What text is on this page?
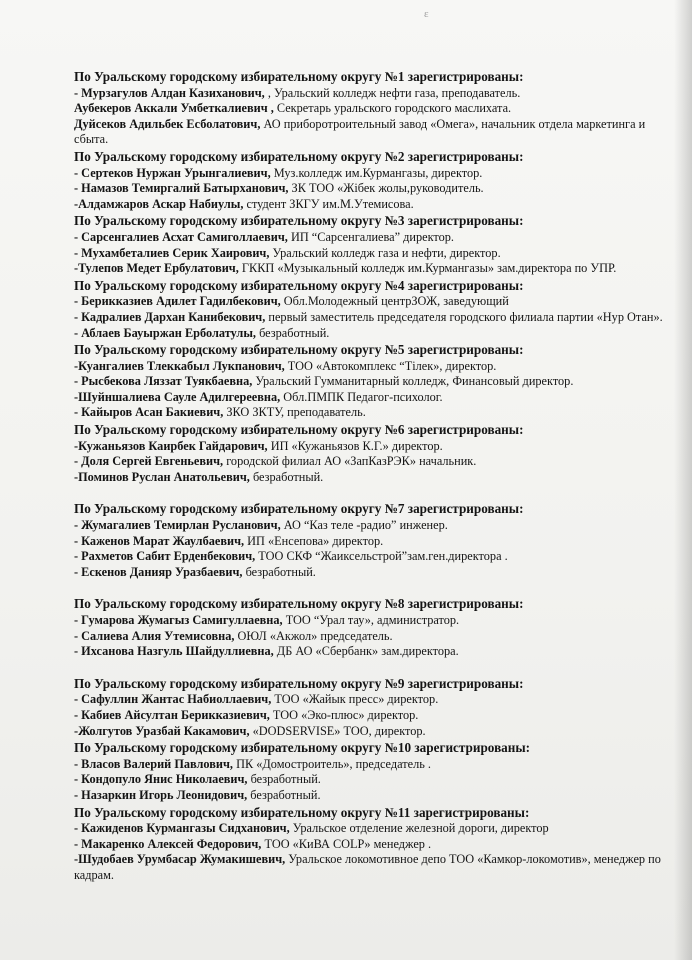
ε
По Уральскому городскому избирательному округу №1 зарегистрированы:
- Мурзагулов Алдан Казиханович, , Уральский колледж нефти газа, преподаватель.
Аубекеров Аккали Умбеткалиевич , Секретарь уральского городского маслихата.
Дуйсеков Адильбек Есболатович, АО приборотроительный завод «Омега», начальник отдела маркетинга и сбыта.
По Уральскому городскому избирательному округу №2 зарегистрированы:
- Сертеков Нуржан Урынгалиевич, Муз.колледж им.Курмангазы, директор.
- Намазов Темиргалий Батырханович, ЗК ТОО «Жібек жолы,руководитель.
-Алдамжаров Аскар Набиулы, студент ЗКГУ им.М.Утемисова.
По Уральскому городскому избирательному округу №3 зарегистрированы:
- Сарсенгалиев Асхат Самиголлаевич, ИП “Сарсенгалиева” директор.
- Мухамбеталиев Серик Хаирович, Уральский колледж газа и нефти, директор.
-Тулепов Медет Ербулатович, ГККП «Музыкальный колледж им.Курмангазы» зам.директора по УПР.
По Уральскому городскому избирательному округу №4 зарегистрированы:
- Берикказиев Адилет Гадилбекович, Обл.Молодежный центрЗОЖ, заведующий
- Кадралиев Дархан Канибекович, первый заместитель председателя городского филиала партии «Нур Отан».
- Аблаев Бауыржан Ерболатулы, безработный.
По Уральскому городскому избирательному округу №5 зарегистрированы:
-Куангалиев Тлеккабыл Лукпанович, ТОО «Автокомплекс “Тілек», директор.
- Рысбекова Ляззат Туякбаевна, Уральский Гумманитарный колледж, Финансовый директор.
-Шуйншалиева Сауле Адилгереевна, Обл.ПМПК Педагог-психолог.
- Кайыров Асан Бакиевич, ЗКО ЗКТУ, преподаватель.
По Уральскому городскому избирательному округу №6 зарегистрированы:
-Кужаньязов Каирбек Гайдарович, ИП «Кужаньязов К.Г.» директор.
- Доля Сергей Евгеньевич, городской филиал АО «ЗапКазРЭК» начальник.
-Поминов Руслан Анатольевич, безработный.
По Уральскому городскому избирательному округу №7 зарегистрированы:
- Жумагалиев Темирлан Русланович, АО “Каз теле -радио” инженер.
- Каженов Марат Жаулбаевич, ИП «Енсепова» директор.
- Рахметов Сабит Ерденбекович, ТОО СКФ “Жаиксельстрой”зам.ген.директора .
- Ескенов Данияр Уразбаевич, безработный.
По Уральскому городскому избирательному округу №8 зарегистрированы:
- Гумарова Жумагыз Самигуллаевна, ТОО “Урал тау», администратор.
- Салиева Алия Утемисовна, ОЮЛ «Акжол» председатель.
- Ихсанова Назгуль Шайдуллиевна, ДБ АО «Сбербанк» зам.директора.
По Уральскому городскому избирательному округу №9 зарегистрированы:
- Сафуллин Жантас Набиоллаевич, ТОО «Жайык пресс» директор.
- Кабиев Айсултан Берикказиевич, ТОО «Эко-плюс» директор.
-Жолгутов Уразбай Какамович, «DODSERVISE» ТОО, директор.
По Уральскому городскому избирательному округу №10 зарегистрированы:
- Власов Валерий Павлович, ПК «Домостроитель», председатель .
- Кондопуло Янис Николаевич, безработный.
- Назаркин Игорь Леонидович, безработный.
По Уральскому городскому избирательному округу №11 зарегистрированы:
- Кажиденов Курмангазы Сидханович, Уральское отделение железной дороги, директор
- Макаренко Алексей Федорович, ТОО «КиВА COLP» менеджер .
-Шудобаев Урумбасар Жумакишевич, Уральское локомотивное депо ТОО «Камкор-локомотив», менеджер по кадрам.
